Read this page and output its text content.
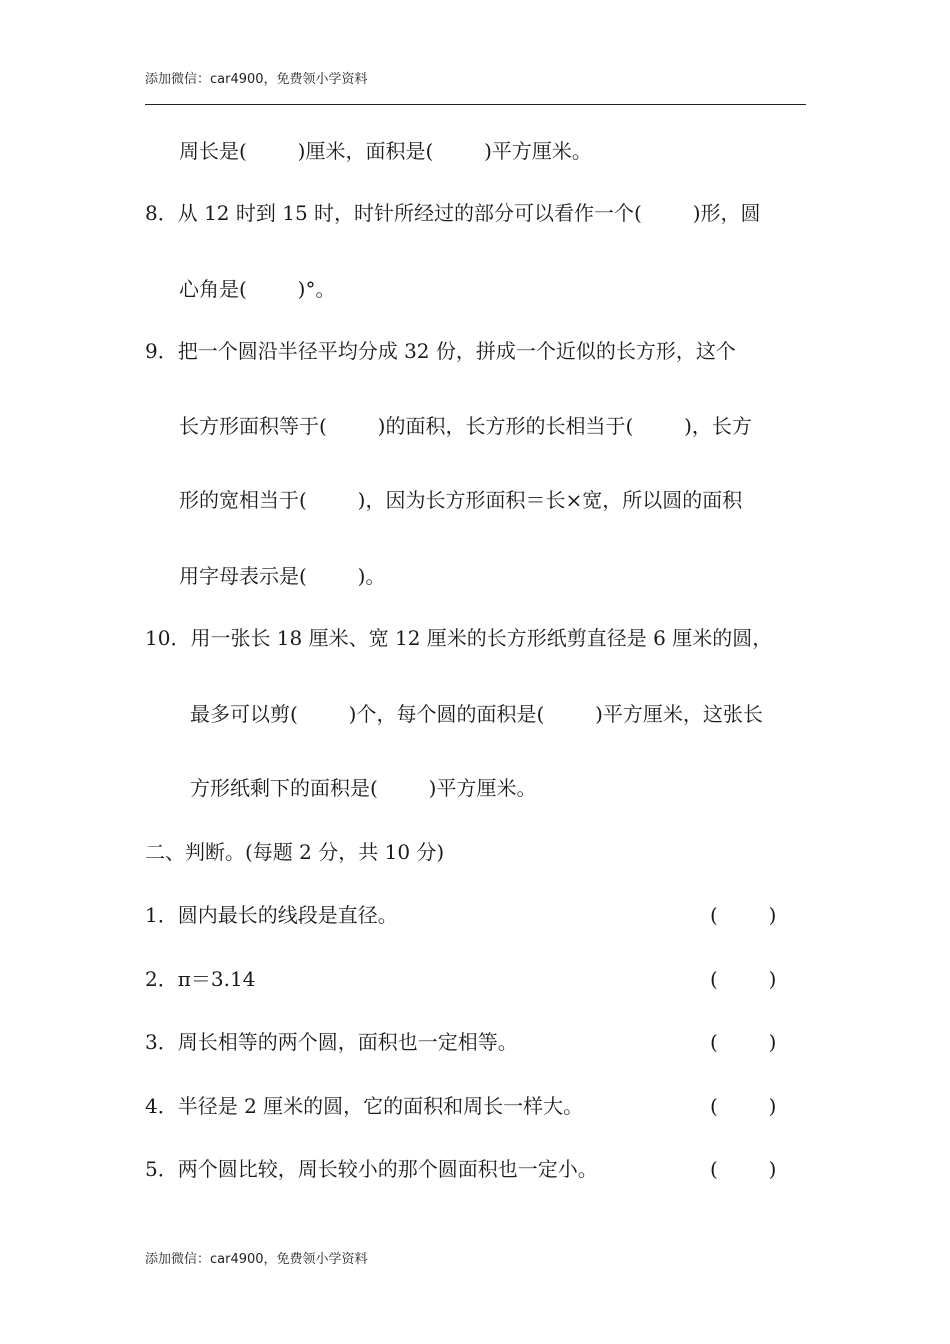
添加微信：car4900，免费领小学资料
周长是(        )厘米，面积是(        )平方厘米。
8．从 12 时到 15 时，时针所经过的部分可以看作一个(        )形，圆
心角是(        )°。
9．把一个圆沿半径平均分成 32 份，拼成一个近似的长方形，这个
长方形面积等于(        )的面积，长方形的长相当于(        )，长方
形的宽相当于(        )，因为长方形面积＝长×宽，所以圆的面积
用字母表示是(        )。
10．用一张长 18 厘米、宽 12 厘米的长方形纸剪直径是 6 厘米的圆，
最多可以剪(        )个，每个圆的面积是(        )平方厘米，这张长
方形纸剩下的面积是(        )平方厘米。
二、判断。(每题 2 分，共 10 分)
1．圆内最长的线段是直径。	(        )
2．π＝3.14	(        )
3．周长相等的两个圆，面积也一定相等。	(        )
4．半径是 2 厘米的圆，它的面积和周长一样大。	(        )
5．两个圆比较，周长较小的那个圆面积也一定小。	(        )
添加微信：car4900，免费领小学资料
